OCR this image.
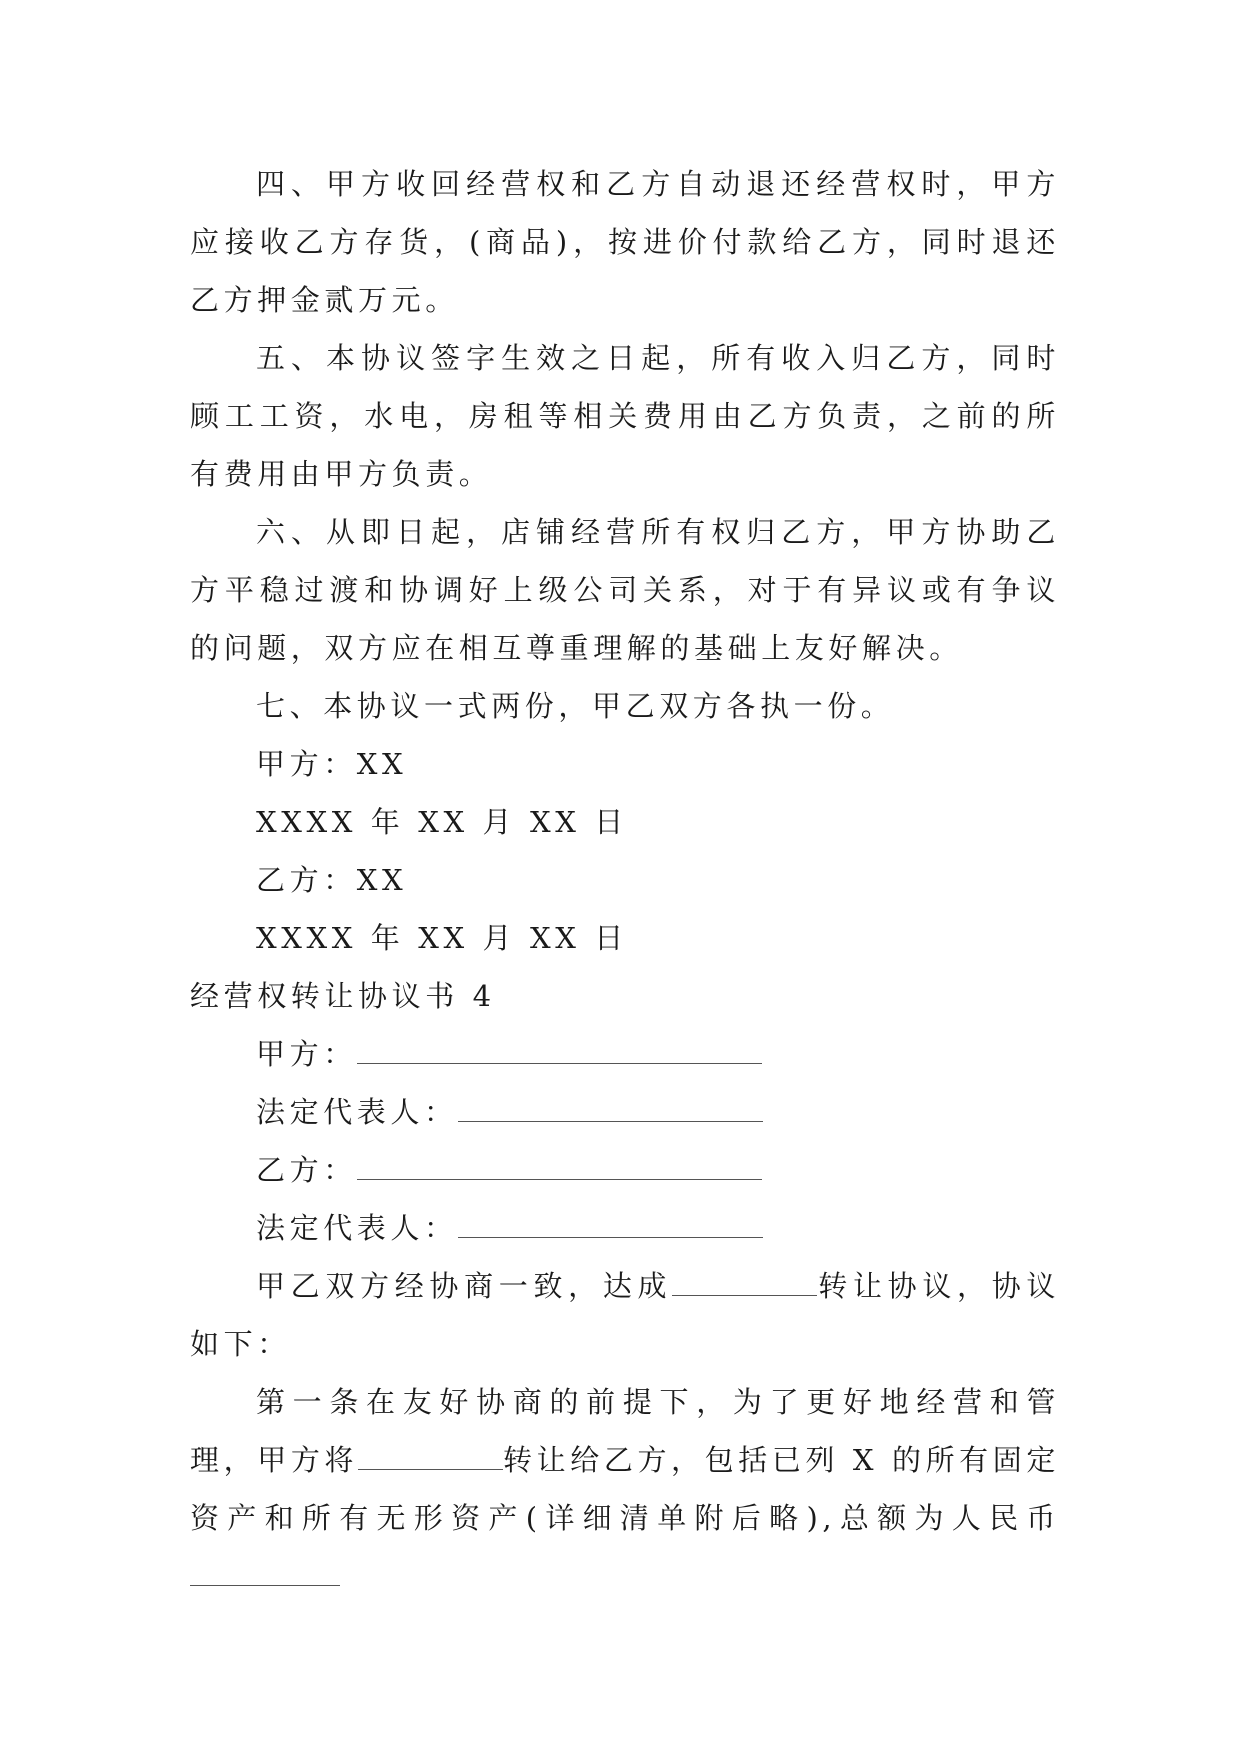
四、甲方收回经营权和乙方自动退还经营权时，甲方应接收乙方存货，(商品)，按进价付款给乙方，同时退还乙方押金贰万元。

五、本协议签字生效之日起，所有收入归乙方，同时顾工工资，水电，房租等相关费用由乙方负责，之前的所有费用由甲方负责。

六、从即日起，店铺经营所有权归乙方，甲方协助乙方平稳过渡和协调好上级公司关系，对于有异议或有争议的问题，双方应在相互尊重理解的基础上友好解决。

七、本协议一式两份，甲乙双方各执一份。

甲方：XX

XXXX 年 XX 月 XX 日

乙方：XX

XXXX 年 XX 月 XX 日

经营权转让协议书 4

甲方：

法定代表人：

乙方：

法定代表人：

甲乙双方经协商一致，达成	转让协议，协议如下：

第一条在友好协商的前提下，为了更好地经营和管理，甲方将	转让给乙方，包括已列 X 的所有固定资产和所有无形资产(详细清单附后略),总额为人民币
